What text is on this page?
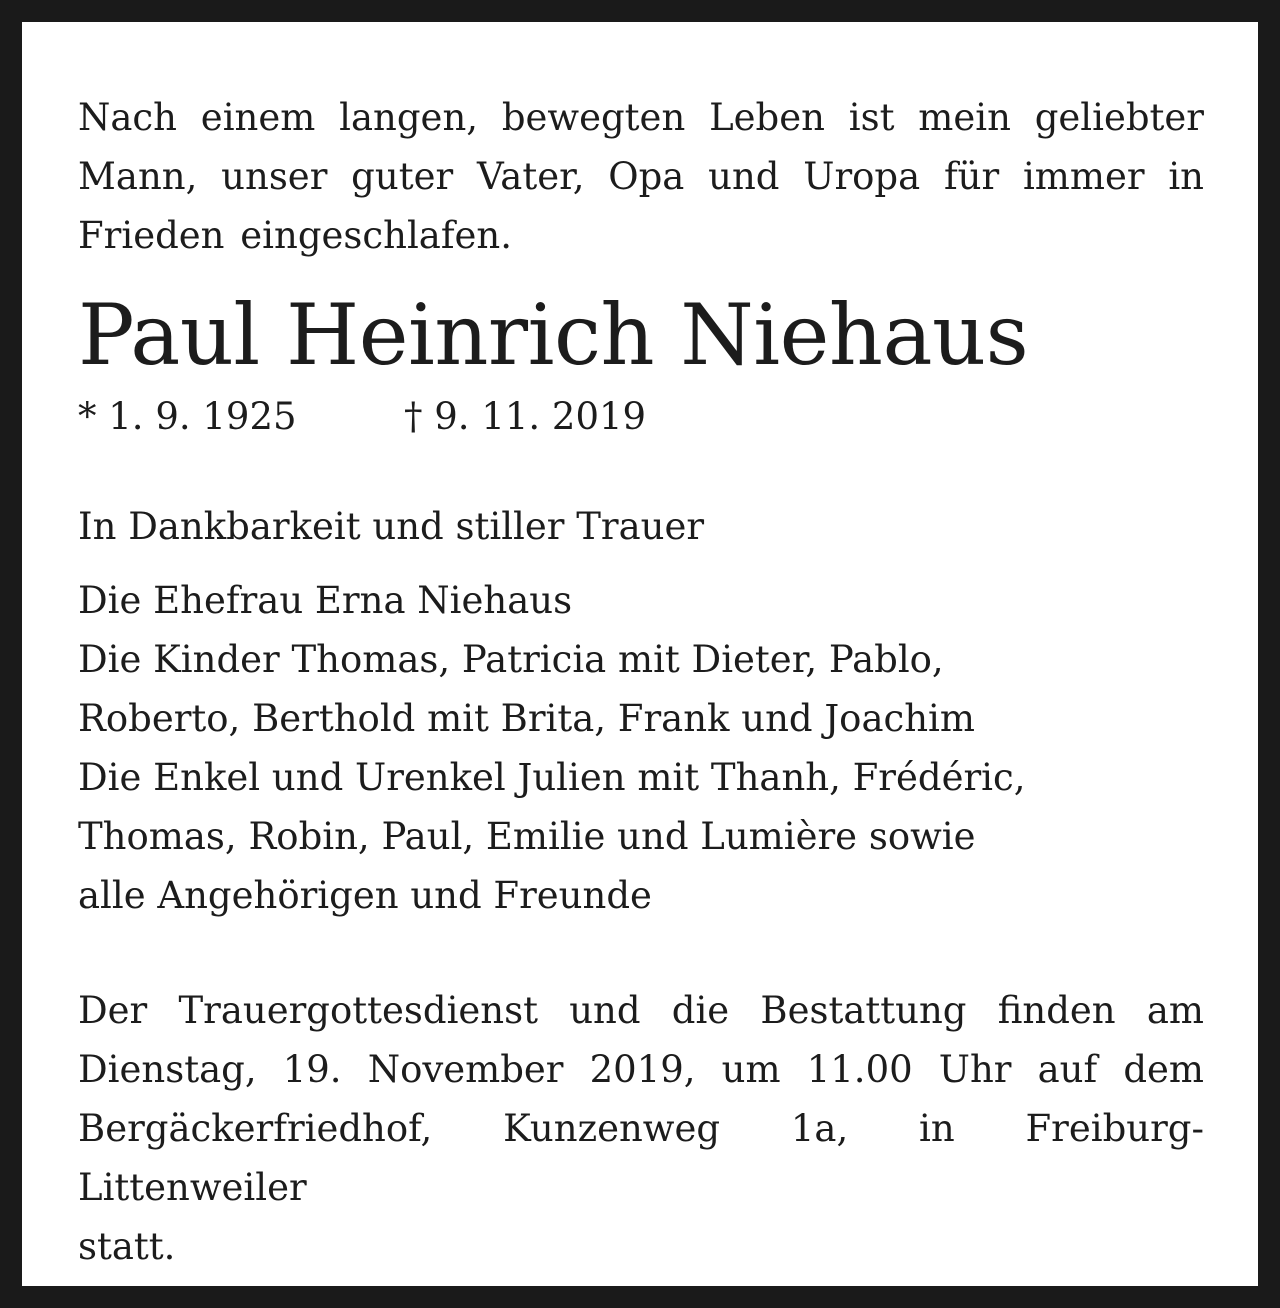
Nach einem langen, bewegten Leben ist mein geliebter
Mann, unser guter Vater, Opa und Uropa für immer in
Frieden eingeschlafen.

Paul Heinrich Niehaus
* 1. 9. 1925	† 9. 11. 2019
In Dankbarkeit und stiller Trauer
Die Ehefrau Erna Niehaus
Die Kinder Thomas, Patricia mit Dieter, Pablo,
Roberto, Berthold mit Brita, Frank und Joachim
Die Enkel und Urenkel Julien mit Thanh, Frédéric,
Thomas, Robin, Paul, Emilie und Lumière sowie
alle Angehörigen und Freunde
Der Trauergottesdienst und die Bestattung finden am
Dienstag, 19. November 2019, um 11.00 Uhr auf dem
Bergäckerfriedhof, Kunzenweg 1a, in Freiburg-Littenweiler
statt.
